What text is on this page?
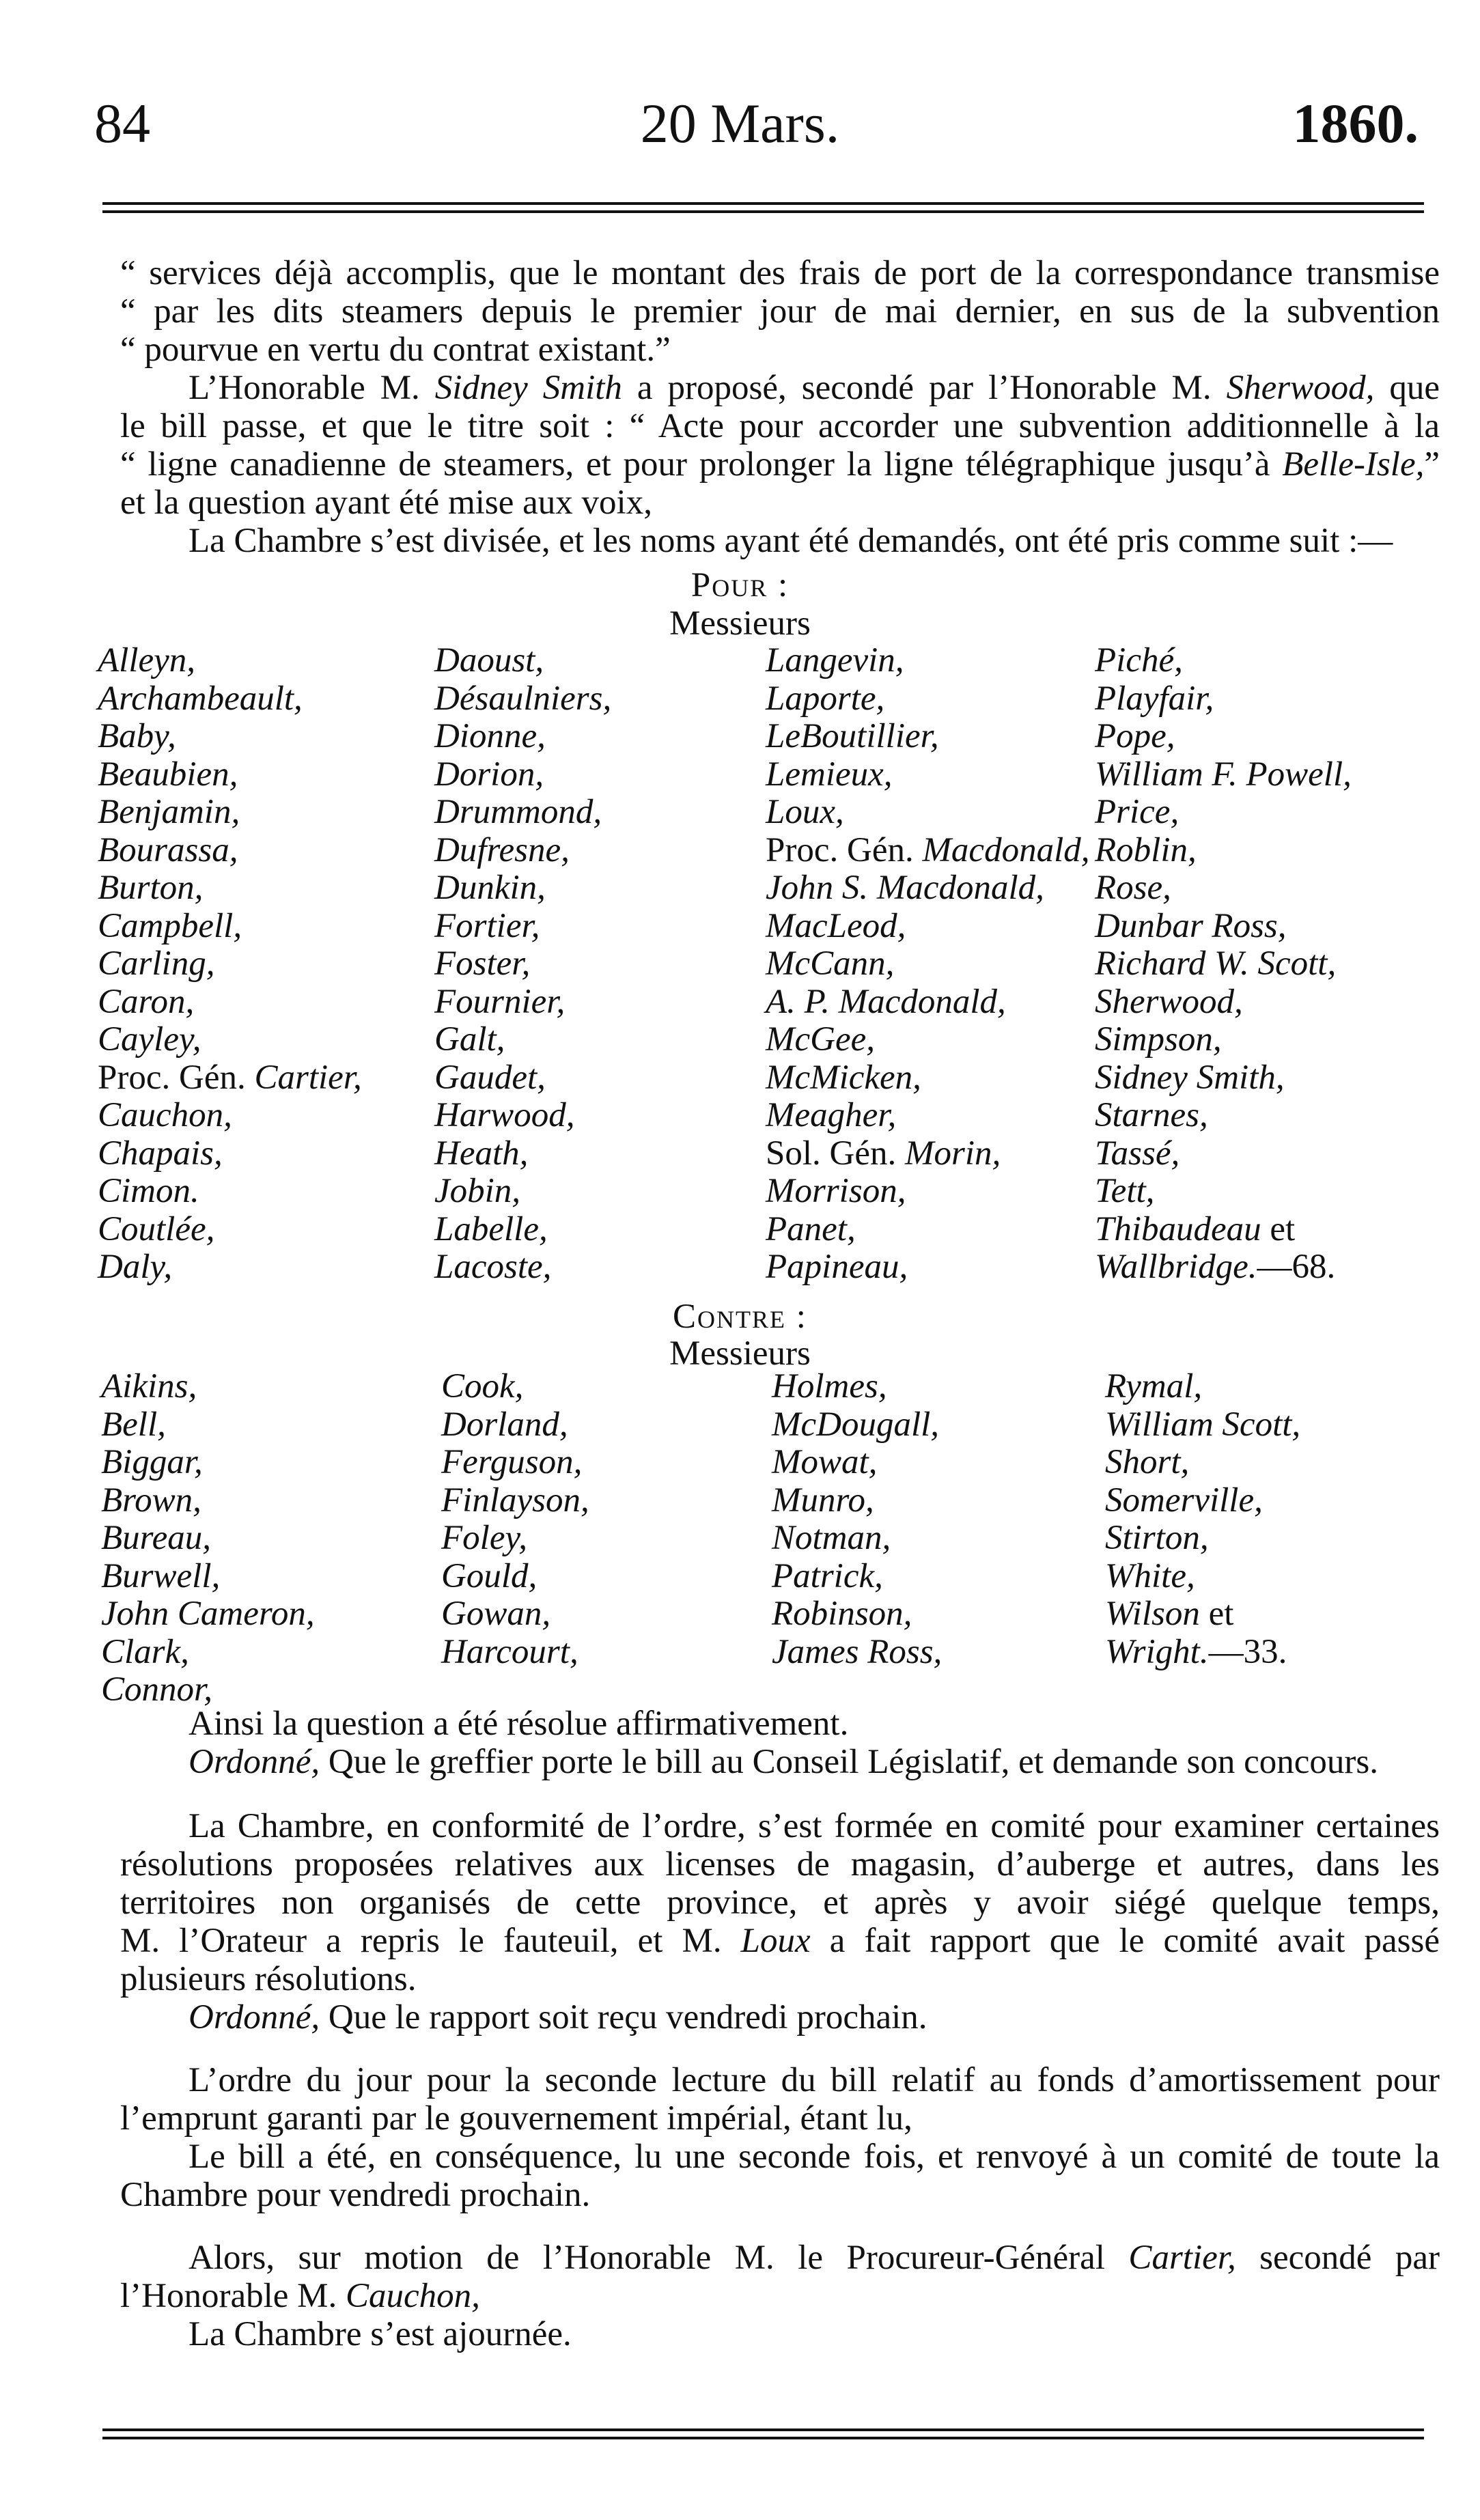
84	20 Mars.	1860.
“ services déjà accomplis, que le montant des frais de port de la correspondance transmise
“ par les dits steamers depuis le premier jour de mai dernier, en sus de la subvention
“ pourvue en vertu du contrat existant.”
L’Honorable M. Sidney Smith a proposé, secondé par l’Honorable M. Sherwood, que
le bill passe, et que le titre soit : “ Acte pour accorder une subvention additionnelle à la
“ ligne canadienne de steamers, et pour prolonger la ligne télégraphique jusqu’à Belle-Isle,”
et la question ayant été mise aux voix,
La Chambre s’est divisée, et les noms ayant été demandés, ont été pris comme suit :—
Pour :
Messieurs
Alleyn,
Archambeault,
Baby,
Beaubien,
Benjamin,
Bourassa,
Burton,
Campbell,
Carling,
Caron,
Cayley,
Proc. Gén. Cartier,
Cauchon,
Chapais,
Cimon.
Coutlée,
Daly,
Daoust,
Désaulniers,
Dionne,
Dorion,
Drummond,
Dufresne,
Dunkin,
Fortier,
Foster,
Fournier,
Galt,
Gaudet,
Harwood,
Heath,
Jobin,
Labelle,
Lacoste,
Langevin,
Laporte,
LeBoutillier,
Lemieux,
Loux,
Proc. Gén. Macdonald,
John S. Macdonald,
MacLeod,
McCann,
A. P. Macdonald,
McGee,
McMicken,
Meagher,
Sol. Gén. Morin,
Morrison,
Panet,
Papineau,
Piché,
Playfair,
Pope,
William F. Powell,
Price,
Roblin,
Rose,
Dunbar Ross,
Richard W. Scott,
Sherwood,
Simpson,
Sidney Smith,
Starnes,
Tassé,
Tett,
Thibaudeau et
Wallbridge.—68.
Contre :
Messieurs
Aikins,
Bell,
Biggar,
Brown,
Bureau,
Burwell,
John Cameron,
Clark,
Connor,
Cook,
Dorland,
Ferguson,
Finlayson,
Foley,
Gould,
Gowan,
Harcourt,
Holmes,
McDougall,
Mowat,
Munro,
Notman,
Patrick,
Robinson,
James Ross,
Rymal,
William Scott,
Short,
Somerville,
Stirton,
White,
Wilson et
Wright.—33.
Ainsi la question a été résolue affirmativement.
Ordonné, Que le greffier porte le bill au Conseil Législatif, et demande son concours.
La Chambre, en conformité de l’ordre, s’est formée en comité pour examiner certaines
résolutions proposées relatives aux licenses de magasin, d’auberge et autres, dans les
territoires non organisés de cette province, et après y avoir siégé quelque temps,
M. l’Orateur a repris le fauteuil, et M. Loux a fait rapport que le comité avait passé
plusieurs résolutions.
Ordonné, Que le rapport soit reçu vendredi prochain.
L’ordre du jour pour la seconde lecture du bill relatif au fonds d’amortissement pour
l’emprunt garanti par le gouvernement impérial, étant lu,
Le bill a été, en conséquence, lu une seconde fois, et renvoyé à un comité de toute la
Chambre pour vendredi prochain.
Alors, sur motion de l’Honorable M. le Procureur-Général Cartier, secondé par
l’Honorable M. Cauchon,
La Chambre s’est ajournée.
